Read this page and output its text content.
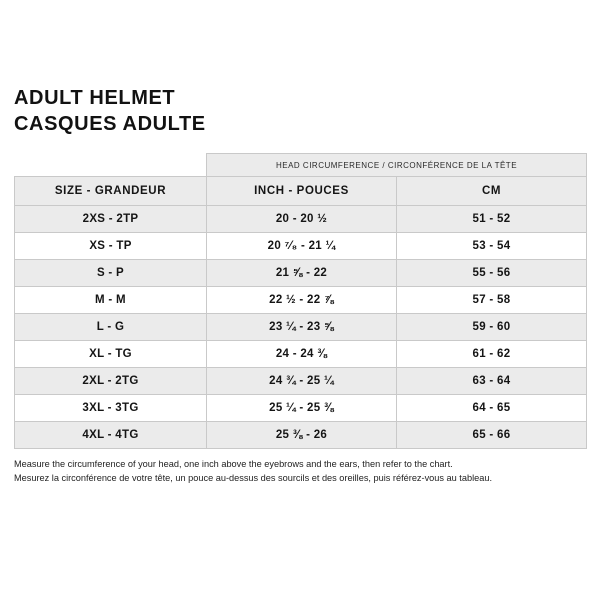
ADULT HELMET
CASQUES ADULTE
	HEAD CIRCUMFERENCE / CIRCONFÉRENCE DE LA TÊTE	
SIZE - GRANDEUR	INCH - POUCES	CM
2XS - 2TP	20 - 20 ½	51 - 52
XS - TP	20 ⁷⁄₈ - 21 ¼	53 - 54
S - P	21 ⅝ - 22	55 - 56
M - M	22 ½ - 22 ⅞	57 - 58
L - G	23 ¼ - 23 ⅝	59 - 60
XL - TG	24 - 24 ⅜	61 - 62
2XL - 2TG	24 ¾ - 25 ¼	63 - 64
3XL - 3TG	25 ¼ - 25 ⅜	64 - 65
4XL - 4TG	25 ⅜ - 26	65 - 66
Measure the circumference of your head, one inch above the eyebrows and the ears, then refer to the chart.
Mesurez la circonférence de votre tête, un pouce au-dessus des sourcils et des oreilles, puis référez-vous au tableau.
